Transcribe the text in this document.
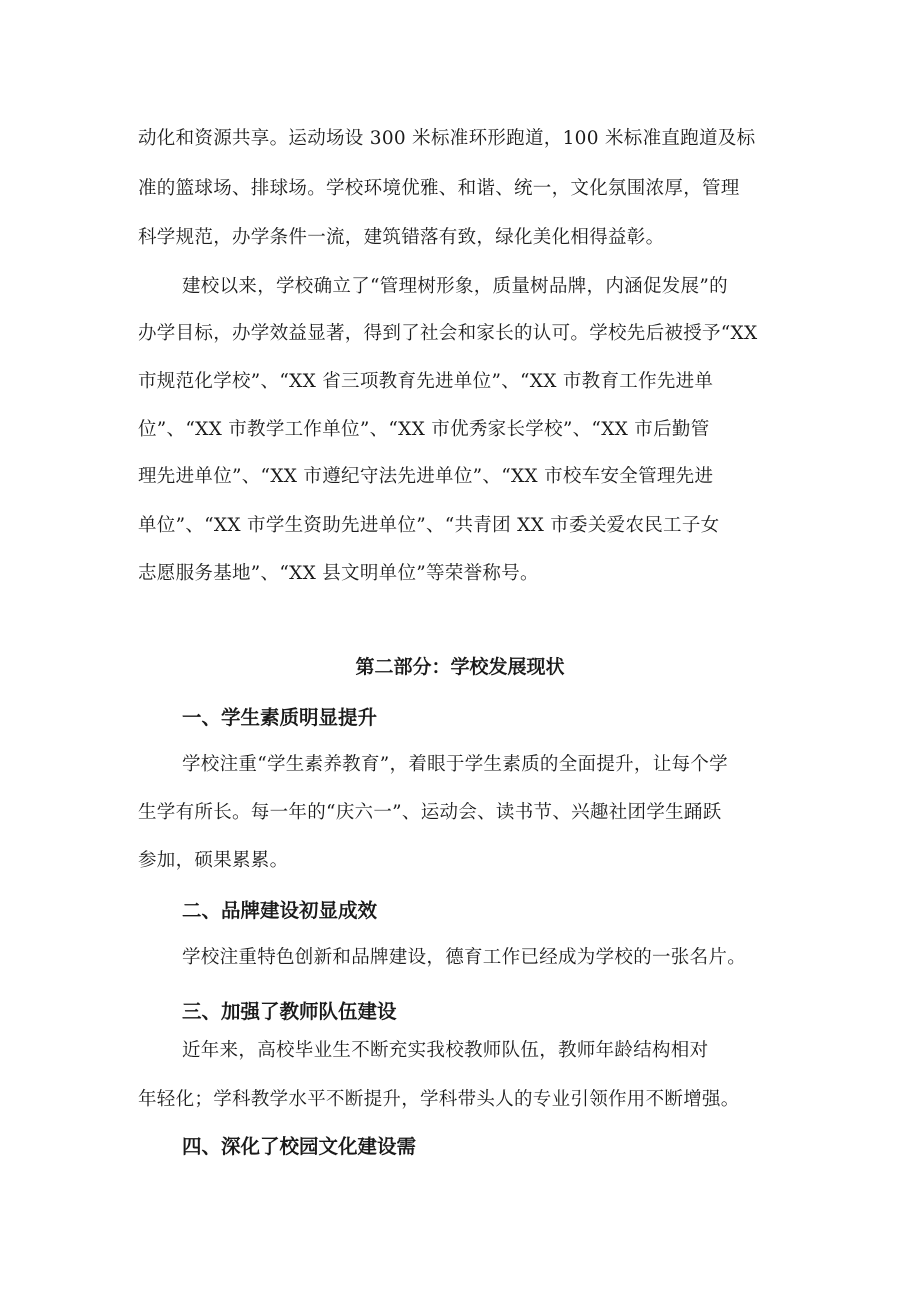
动化和资源共享。运动场设 300 米标准环形跑道，100 米标准直跑道及标
准的篮球场、排球场。学校环境优雅、和谐、统一，文化氛围浓厚，管理
科学规范，办学条件一流，建筑错落有致，绿化美化相得益彰。
建校以来，学校确立了“管理树形象，质量树品牌，内涵促发展”的
办学目标，办学效益显著，得到了社会和家长的认可。学校先后被授予“XX
市规范化学校”、“XX 省三项教育先进单位”、“XX 市教育工作先进单
位”、“XX 市教学工作单位”、“XX 市优秀家长学校”、“XX 市后勤管
理先进单位”、“XX 市遵纪守法先进单位”、“XX 市校车安全管理先进
单位”、“XX 市学生资助先进单位”、“共青团 XX 市委关爱农民工子女
志愿服务基地”、“XX 县文明单位”等荣誉称号。
第二部分：学校发展现状
一、学生素质明显提升
学校注重“学生素养教育”，着眼于学生素质的全面提升，让每个学
生学有所长。每一年的“庆六一”、运动会、读书节、兴趣社团学生踊跃
参加，硕果累累。
二、品牌建设初显成效
学校注重特色创新和品牌建设，德育工作已经成为学校的一张名片。
三、加强了教师队伍建设
近年来，高校毕业生不断充实我校教师队伍，教师年龄结构相对
年轻化；学科教学水平不断提升，学科带头人的专业引领作用不断增强。
四、深化了校园文化建设需
